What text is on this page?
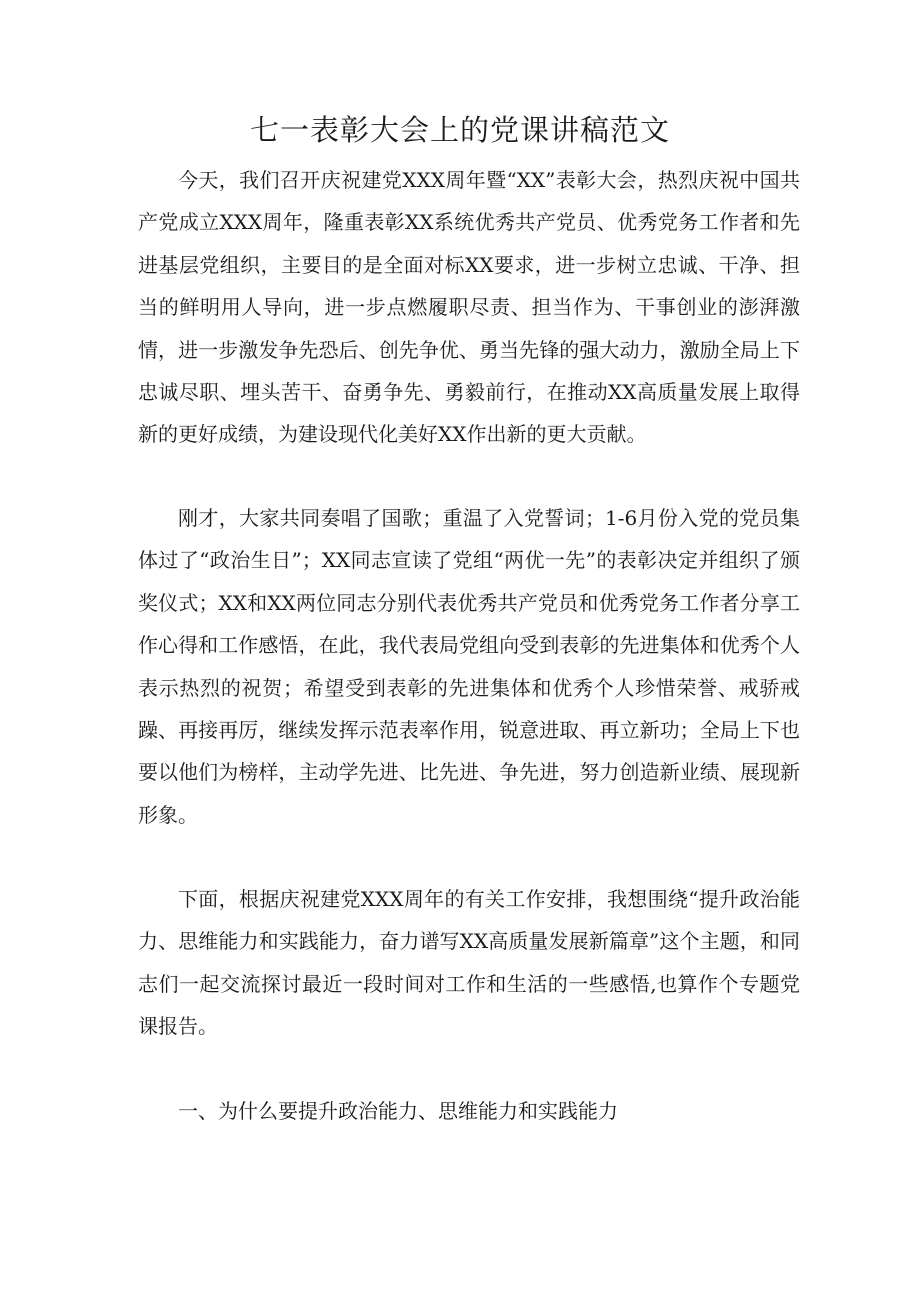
七一表彰大会上的党课讲稿范文

今天，我们召开庆祝建党XXX周年暨“XX”表彰大会，热烈庆祝中国共产党成立XXX周年，隆重表彰XX系统优秀共产党员、优秀党务工作者和先进基层党组织，主要目的是全面对标XX要求，进一步树立忠诚、干净、担当的鲜明用人导向，进一步点燃履职尽责、担当作为、干事创业的澎湃激情，进一步激发争先恐后、创先争优、勇当先锋的强大动力，激励全局上下忠诚尽职、埋头苦干、奋勇争先、勇毅前行，在推动XX高质量发展上取得新的更好成绩，为建设现代化美好XX作出新的更大贡献。

刚才，大家共同奏唱了国歌；重温了入党誓词；1-6月份入党的党员集体过了“政治生日”；XX同志宣读了党组“两优一先”的表彰决定并组织了颁奖仪式；XX和XX两位同志分别代表优秀共产党员和优秀党务工作者分享工作心得和工作感悟，在此，我代表局党组向受到表彰的先进集体和优秀个人表示热烈的祝贺；希望受到表彰的先进集体和优秀个人珍惜荣誉、戒骄戒躁、再接再厉，继续发挥示范表率作用，锐意进取、再立新功；全局上下也要以他们为榜样，主动学先进、比先进、争先进，努力创造新业绩、展现新形象。

下面，根据庆祝建党XXX周年的有关工作安排，我想围绕“提升政治能力、思维能力和实践能力，奋力谱写XX高质量发展新篇章”这个主题，和同志们一起交流探讨最近一段时间对工作和生活的一些感悟,也算作个专题党课报告。

一、为什么要提升政治能力、思维能力和实践能力
